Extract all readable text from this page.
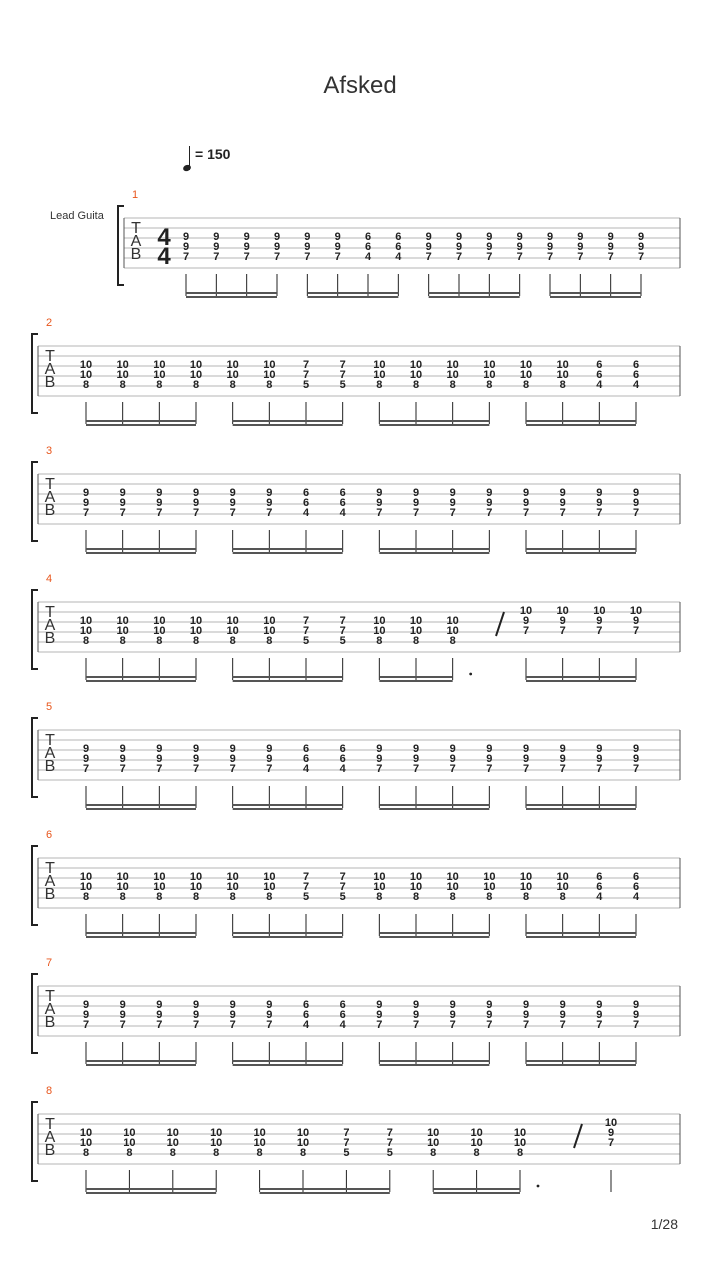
Afsked
= 150
T
A
B
1
Lead Guita
4
4
9
9
7
9
9
7
9
9
7
9
9
7
9
9
7
9
9
7
6
6
4
6
6
4
9
9
7
9
9
7
9
9
7
9
9
7
9
9
7
9
9
7
9
9
7
9
9
7
T
A
B
2
10
10
8
10
10
8
10
10
8
10
10
8
10
10
8
10
10
8
7
7
5
7
7
5
10
10
8
10
10
8
10
10
8
10
10
8
10
10
8
10
10
8
6
6
4
6
6
4
T
A
B
3
9
9
7
9
9
7
9
9
7
9
9
7
9
9
7
9
9
7
6
6
4
6
6
4
9
9
7
9
9
7
9
9
7
9
9
7
9
9
7
9
9
7
9
9
7
9
9
7
T
A
B
4
10
10
8
10
10
8
10
10
8
10
10
8
10
10
8
10
10
8
7
7
5
7
7
5
10
10
8
10
10
8
10
10
8
10
9
7
10
9
7
10
9
7
10
9
7
T
A
B
5
9
9
7
9
9
7
9
9
7
9
9
7
9
9
7
9
9
7
6
6
4
6
6
4
9
9
7
9
9
7
9
9
7
9
9
7
9
9
7
9
9
7
9
9
7
9
9
7
T
A
B
6
10
10
8
10
10
8
10
10
8
10
10
8
10
10
8
10
10
8
7
7
5
7
7
5
10
10
8
10
10
8
10
10
8
10
10
8
10
10
8
10
10
8
6
6
4
6
6
4
T
A
B
7
9
9
7
9
9
7
9
9
7
9
9
7
9
9
7
9
9
7
6
6
4
6
6
4
9
9
7
9
9
7
9
9
7
9
9
7
9
9
7
9
9
7
9
9
7
9
9
7
T
A
B
8
10
10
8
10
10
8
10
10
8
10
10
8
10
10
8
10
10
8
7
7
5
7
7
5
10
10
8
10
10
8
10
10
8
10
9
7
1/28
